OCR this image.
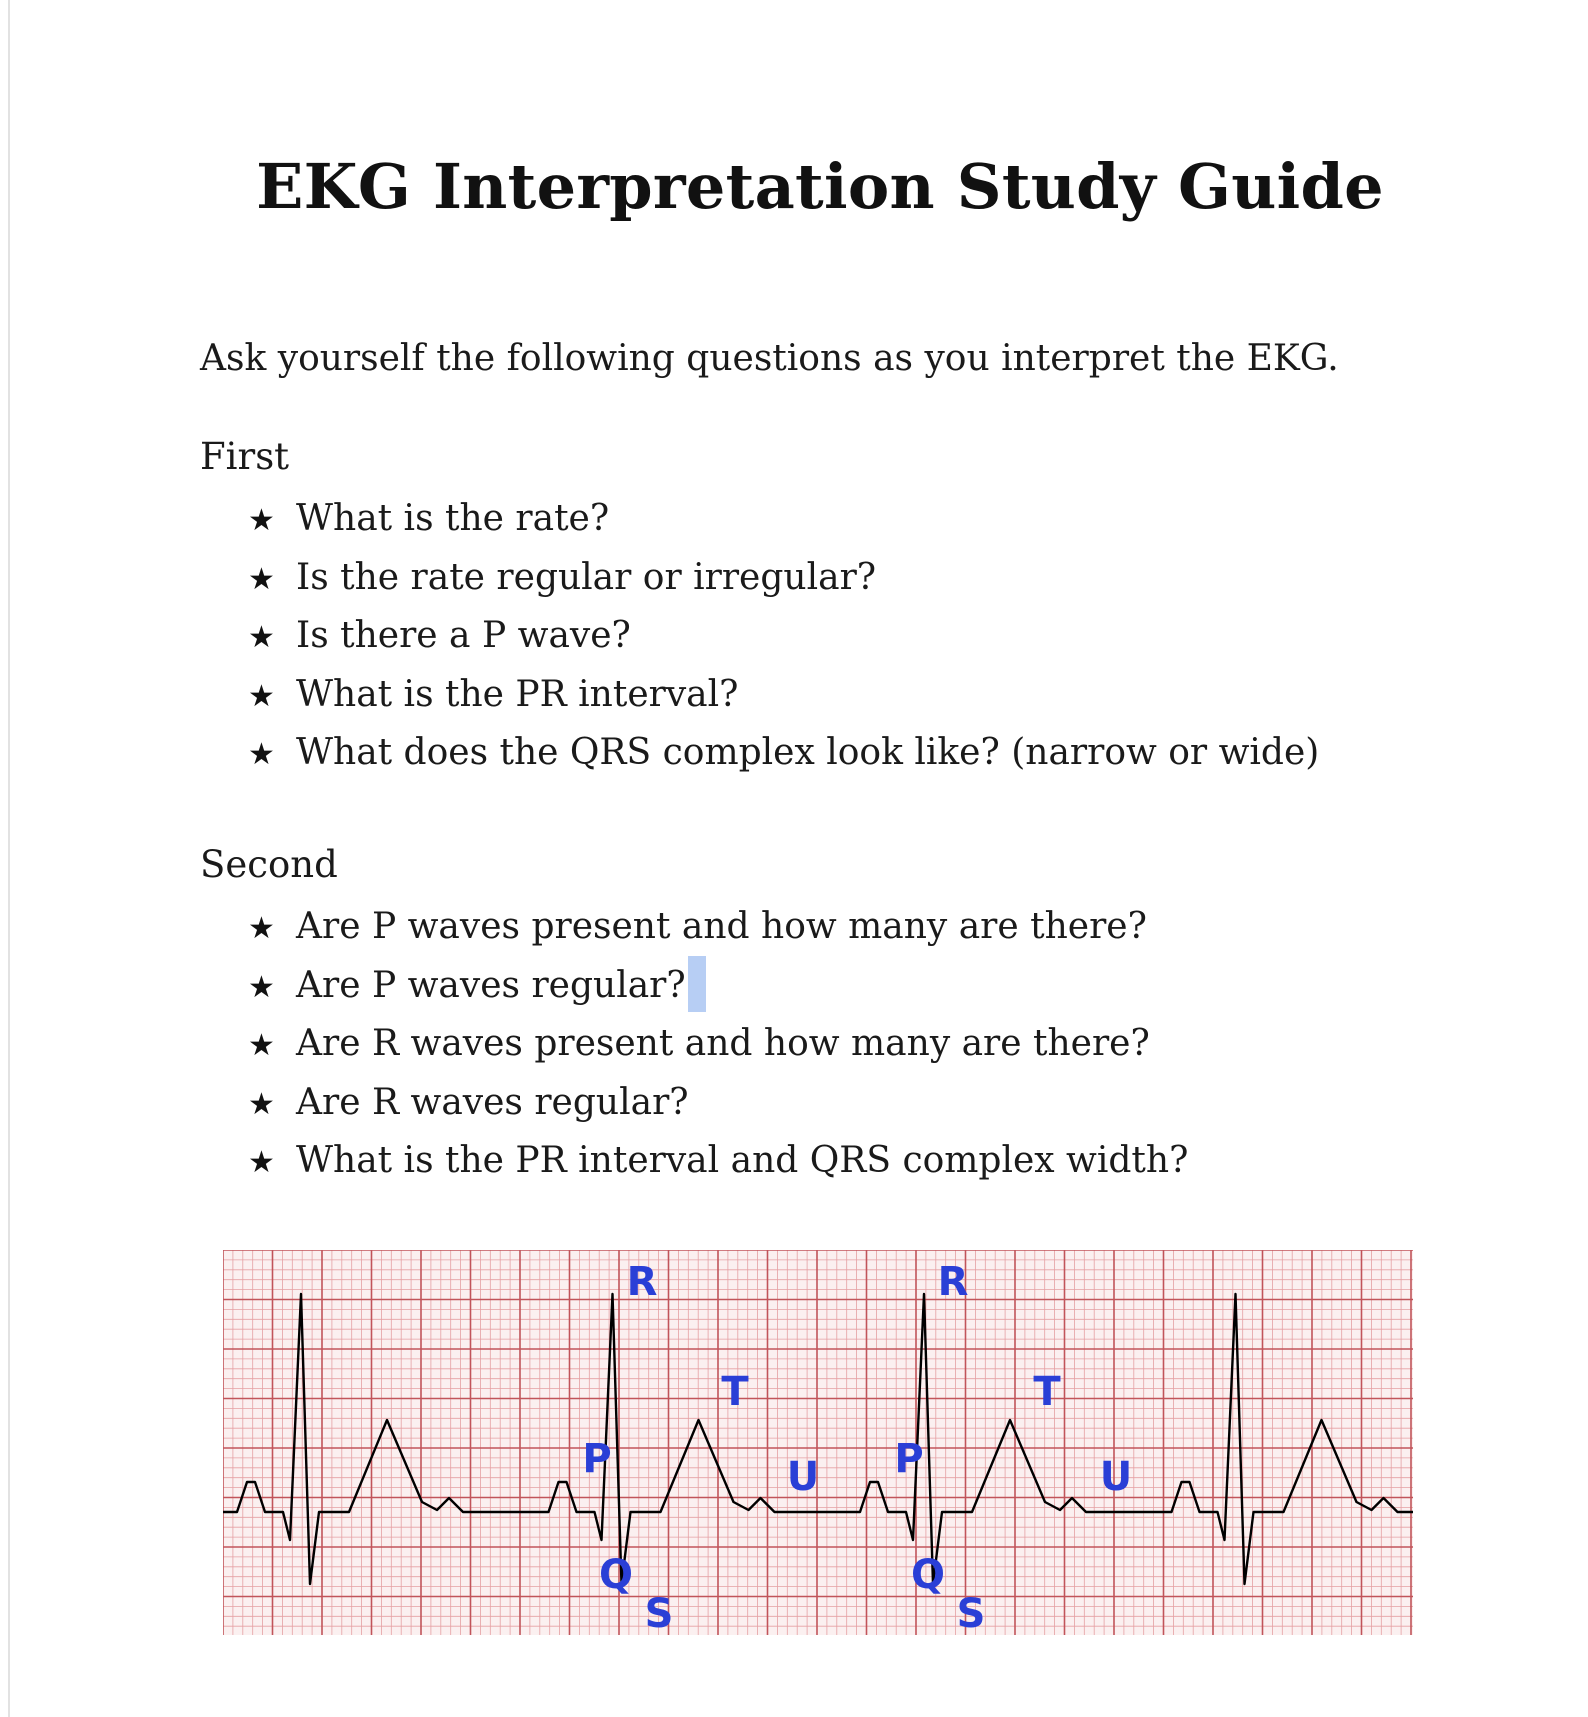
EKG Interpretation Study Guide
Ask yourself the following questions as you interpret the EKG.
First
★ What is the rate?
★ Is the rate regular or irregular?
★ Is there a P wave?
★ What is the PR interval?
★ What does the QRS complex look like? (narrow or wide)
Second
★ Are P waves present and how many are there?
★ Are P waves regular?
★ Are R waves present and how many are there?
★ Are R waves regular?
★ What is the PR interval and QRS complex width?
R
T
P	U
Q
S
R
T
P	U
Q
S
